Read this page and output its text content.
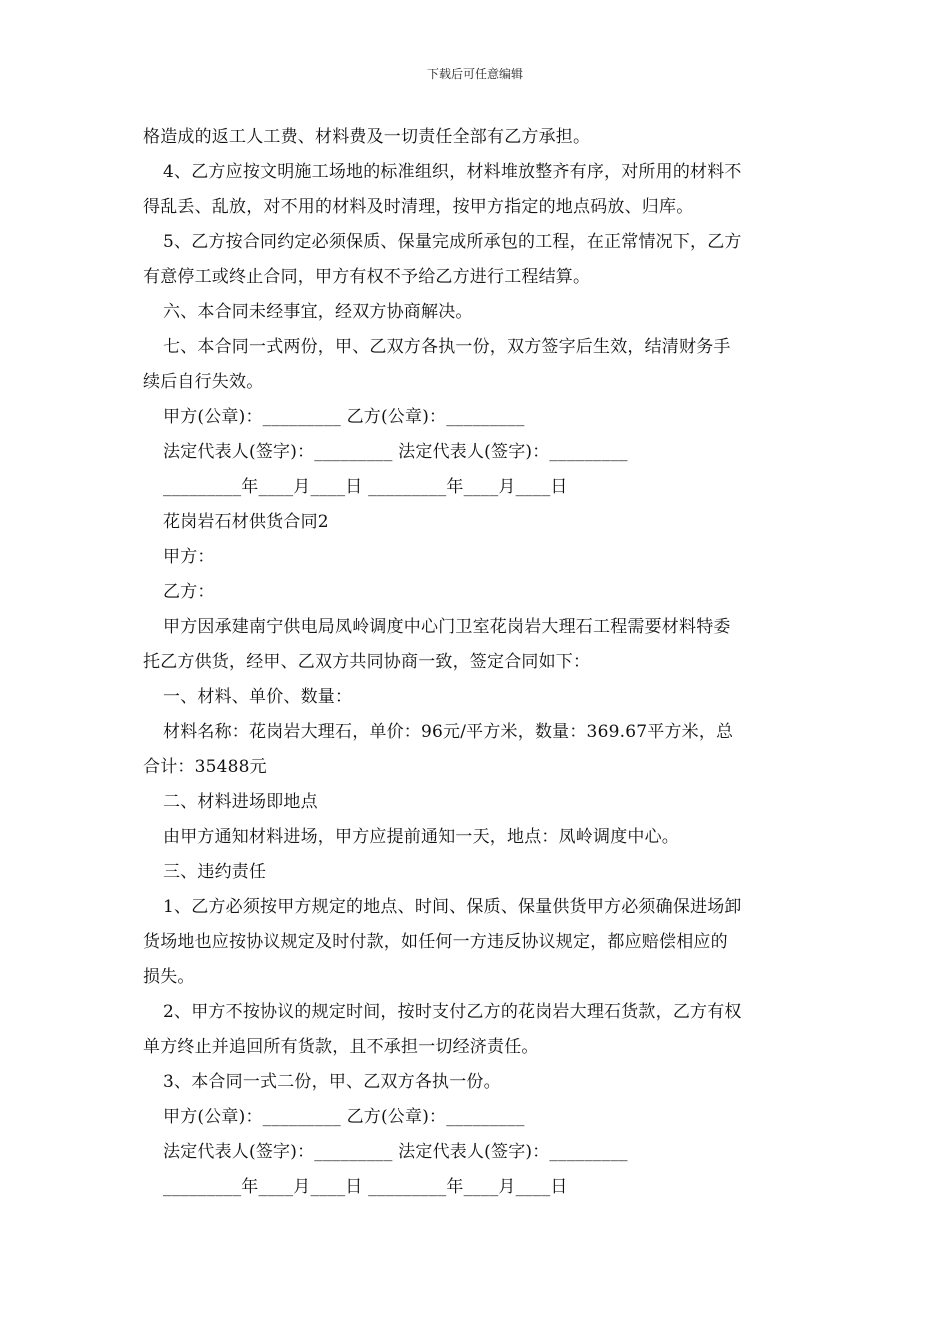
下载后可任意编辑

格造成的返工人工费、材料费及一切责任全部有乙方承担。

4、乙方应按文明施工场地的标准组织，材料堆放整齐有序，对所用的材料不

得乱丢、乱放，对不用的材料及时清理，按甲方指定的地点码放、归库。

5、乙方按合同约定必须保质、保量完成所承包的工程，在正常情况下，乙方

有意停工或终止合同，甲方有权不予给乙方进行工程结算。

六、本合同未经事宜，经双方协商解决。

七、本合同一式两份，甲、乙双方各执一份，双方签字后生效，结清财务手

续后自行失效。

甲方(公章)：_________ 乙方(公章)：_________

法定代表人(签字)：_________ 法定代表人(签字)：_________

_________年____月____日 _________年____月____日

花岗岩石材供货合同2

甲方：

乙方：

甲方因承建南宁供电局凤岭调度中心门卫室花岗岩大理石工程需要材料特委

托乙方供货，经甲、乙双方共同协商一致，签定合同如下：

一、材料、单价、数量：

材料名称：花岗岩大理石，单价：96元/平方米，数量：369.67平方米，总

合计：35488元

二、材料进场即地点

由甲方通知材料进场，甲方应提前通知一天，地点：凤岭调度中心。

三、违约责任

1、乙方必须按甲方规定的地点、时间、保质、保量供货甲方必须确保进场卸

货场地也应按协议规定及时付款，如任何一方违反协议规定，都应赔偿相应的

损失。

2、甲方不按协议的规定时间，按时支付乙方的花岗岩大理石货款，乙方有权

单方终止并追回所有货款，且不承担一切经济责任。

3、本合同一式二份，甲、乙双方各执一份。

甲方(公章)：_________ 乙方(公章)：_________

法定代表人(签字)：_________ 法定代表人(签字)：_________

_________年____月____日 _________年____月____日
